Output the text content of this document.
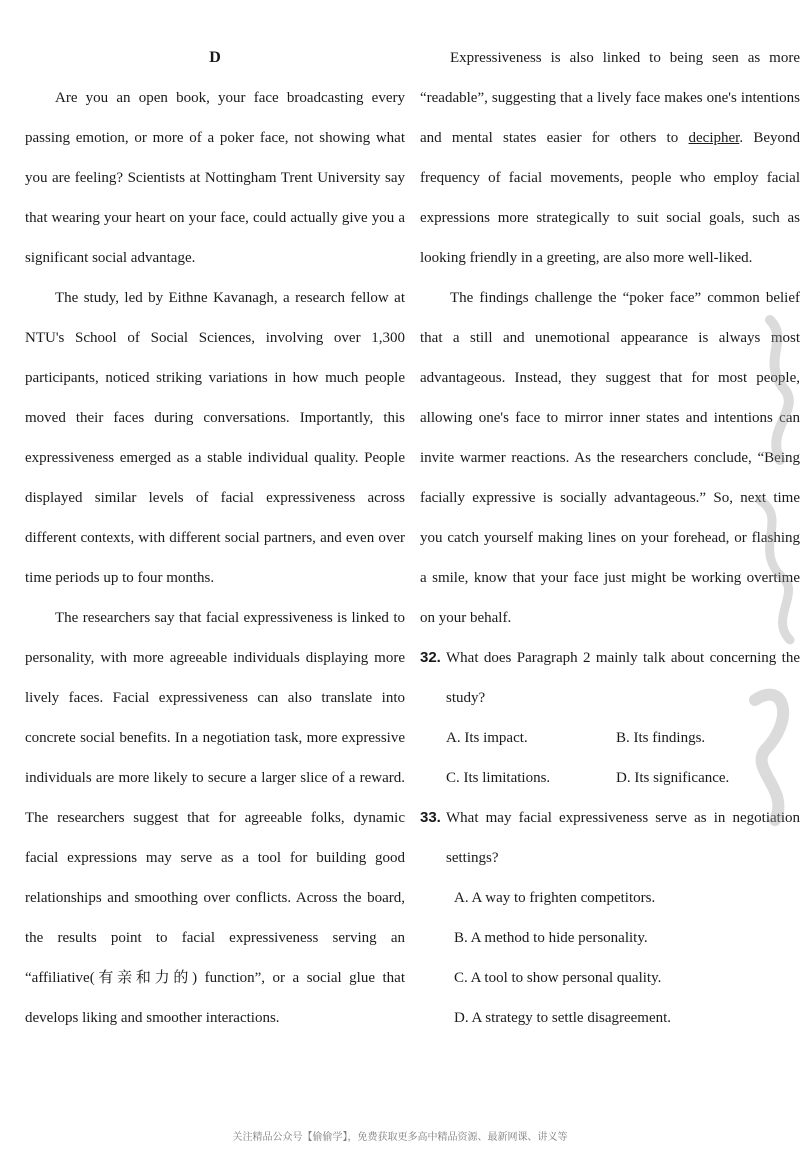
D

Are you an open book, your face broadcasting every passing emotion, or more of a poker face, not showing what you are feeling? Scientists at Nottingham Trent University say that wearing your heart on your face, could actually give you a significant social advantage.

The study, led by Eithne Kavanagh, a research fellow at NTU's School of Social Sciences, involving over 1,300 participants, noticed striking variations in how much people moved their faces during conversations. Importantly, this expressiveness emerged as a stable individual quality. People displayed similar levels of facial expressiveness across different contexts, with different social partners, and even over time periods up to four months.

The researchers say that facial expressiveness is linked to personality, with more agreeable individuals displaying more lively faces. Facial expressiveness can also translate into concrete social benefits. In a negotiation task, more expressive individuals are more likely to secure a larger slice of a reward. The researchers suggest that for agreeable folks, dynamic facial expressions may serve as a tool for building good relationships and smoothing over conflicts. Across the board, the results point to facial expressiveness serving an “affiliative(有亲和力的) function”, or a social glue that develops liking and smoother interactions.

Expressiveness is also linked to being seen as more “readable”, suggesting that a lively face makes one's intentions and mental states easier for others to decipher. Beyond frequency of facial movements, people who employ facial expressions more strategically to suit social goals, such as looking friendly in a greeting, are also more well-liked.

The findings challenge the “poker face” common belief that a still and unemotional appearance is always most advantageous. Instead, they suggest that for most people, allowing one's face to mirror inner states and intentions can invite warmer reactions. As the researchers conclude, “Being facially expressive is socially advantageous.” So, next time you catch yourself making lines on your forehead, or flashing a smile, know that your face just might be working overtime on your behalf.

32. What does Paragraph 2 mainly talk about concerning the study?
A. Its impact.	B. Its findings.
C. Its limitations.	D. Its significance.
33. What may facial expressiveness serve as in negotiation settings?
A. A way to frighten competitors.
B. A method to hide personality.
C. A tool to show personal quality.
D. A strategy to settle disagreement.
关注精品公众号【偷偷学】，免费获取更多高中精品资源、最新网课、讲义等
